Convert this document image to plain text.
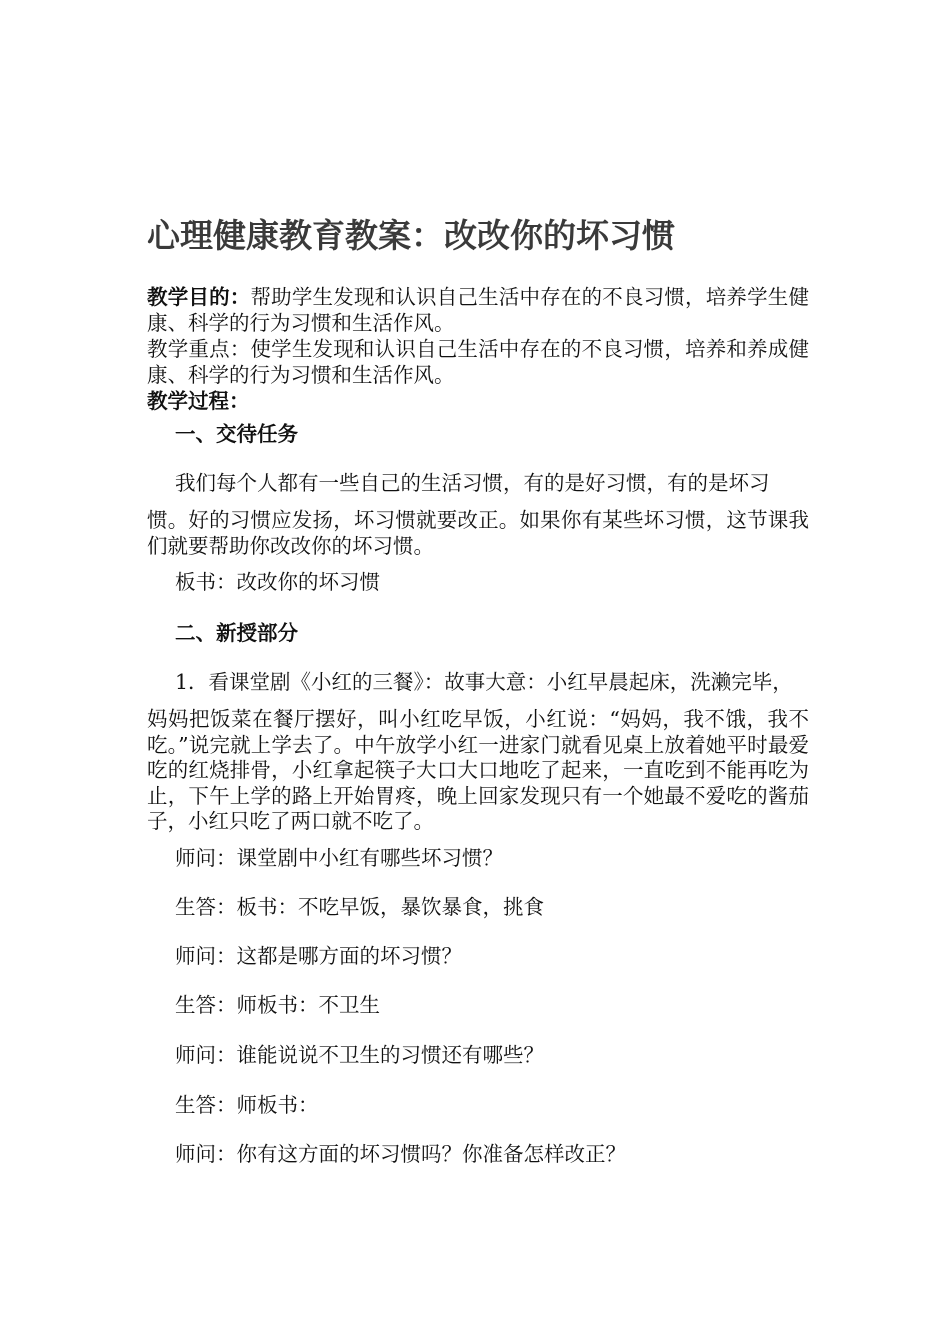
心理健康教育教案：改改你的坏习惯
教学目的：帮助学生发现和认识自己生活中存在的不良习惯，培养学生健康、科学的行为习惯和生活作风。
教学重点：使学生发现和认识自己生活中存在的不良习惯，培养和养成健康、科学的行为习惯和生活作风。
教学过程：
一、交待任务
我们每个人都有一些自己的生活习惯，有的是好习惯，有的是坏习
惯。好的习惯应发扬，坏习惯就要改正。如果你有某些坏习惯，这节课我们就要帮助你改改你的坏习惯。
板书：改改你的坏习惯
二、新授部分
1．看课堂剧《小红的三餐》：故事大意：小红早晨起床，洗濑完毕，
妈妈把饭菜在餐厅摆好，叫小红吃早饭，小红说：“妈妈，我不饿，我不吃。”说完就上学去了。中午放学小红一进家门就看见桌上放着她平时最爱吃的红烧排骨，小红拿起筷子大口大口地吃了起来，一直吃到不能再吃为止，下午上学的路上开始胃疼，晚上回家发现只有一个她最不爱吃的酱茄子，小红只吃了两口就不吃了。
师问：课堂剧中小红有哪些坏习惯？
生答：板书：不吃早饭，暴饮暴食，挑食
师问：这都是哪方面的坏习惯？
生答：师板书：不卫生
师问：谁能说说不卫生的习惯还有哪些？
生答：师板书：
师问：你有这方面的坏习惯吗？你准备怎样改正？
